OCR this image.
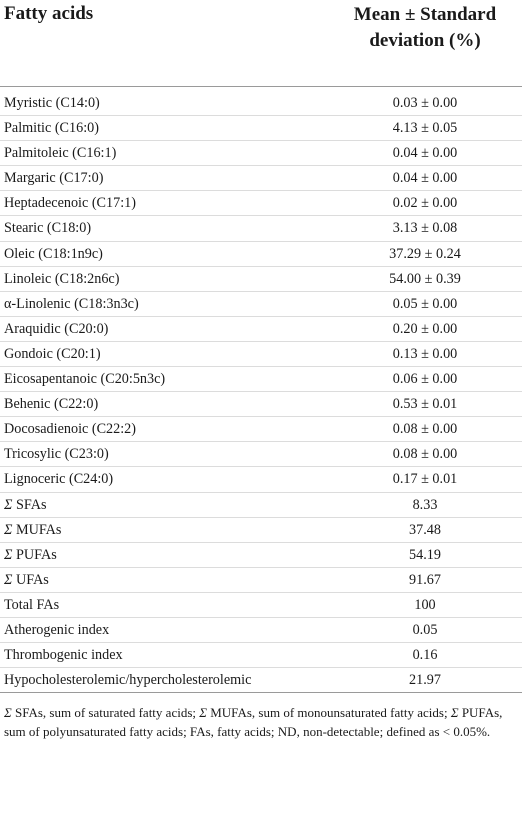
Fatty acids	Mean ± Standard
deviation (%)
Myristic (C14:0)	0.03 ± 0.00
Palmitic (C16:0)	4.13 ± 0.05
Palmitoleic (C16:1)	0.04 ± 0.00
Margaric (C17:0)	0.04 ± 0.00
Heptadecenoic (C17:1)	0.02 ± 0.00
Stearic (C18:0)	3.13 ± 0.08
Oleic (C18:1n9c)	37.29 ± 0.24
Linoleic (C18:2n6c)	54.00 ± 0.39
α-Linolenic (C18:3n3c)	0.05 ± 0.00
Araquidic (C20:0)	0.20 ± 0.00
Gondoic (C20:1)	0.13 ± 0.00
Eicosapentanoic (C20:5n3c)	0.06 ± 0.00
Behenic (C22:0)	0.53 ± 0.01
Docosadienoic (C22:2)	0.08 ± 0.00
Tricosylic (C23:0)	0.08 ± 0.00
Lignoceric (C24:0)	0.17 ± 0.01
Σ SFAs	8.33
Σ MUFAs	37.48
Σ PUFAs	54.19
Σ UFAs	91.67
Total FAs	100
Atherogenic index	0.05
Thrombogenic index	0.16
Hypocholesterolemic/hypercholesterolemic	21.97
Σ SFAs, sum of saturated fatty acids; Σ MUFAs, sum of monounsaturated fatty acids; Σ PUFAs, sum of polyunsaturated fatty acids; FAs, fatty acids; ND, non-detectable; defined as < 0.05%.
